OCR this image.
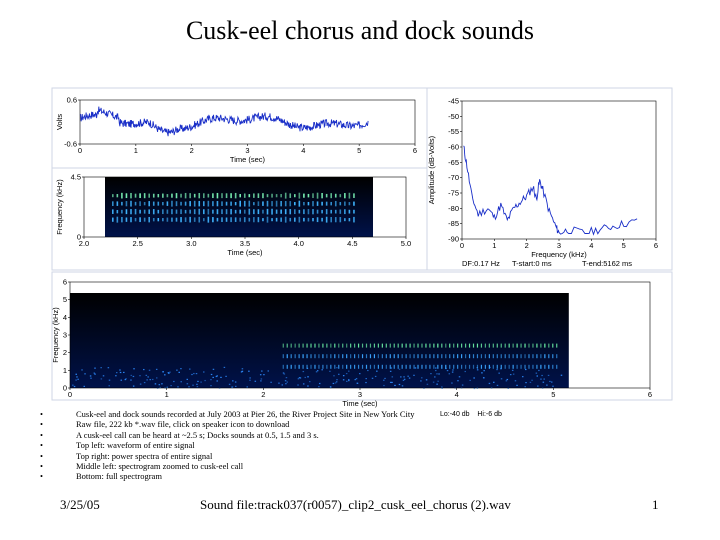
Cusk-eel chorus and dock sounds
0	1	2	3	4	5	6
-0.6
0.6
Time (sec)
Volts
2.0	2.5	3.0	3.5	4.0	4.5	5.0
0
4.5
Time (sec)
Frequency (kHz)
0	1	2	3	4	5	6
-45
-50
-55
-60
-65
-70
-75
-80
-85
-90
Frequency (kHz)
Amplitude (dB-Volts)
DF:0.17 Hz T-start:0 ms	T-end:5162 ms
0	1	2	3	4	5	6
0
1
2
3
4
5
6
Time (sec)
Frequency (kHz)
•	Cusk-eel and dock sounds recorded at July 2003 at Pier 26, the River Project Site in New York City
•	Raw file, 222 kb *.wav file, click on speaker icon to download
•	A cusk-eel call can be heard at ~2.5 s; Docks sounds at 0.5, 1.5 and 3 s.
•	Top left: waveform of entire signal
•	Top right: power spectra of entire signal
•	Middle left: spectrogram zoomed to cusk-eel call
•	Bottom: full spectrogram
Lo:-40 db Hi:-6 db
3/25/05	Sound file:track037(r0057)_clip2_cusk_eel_chorus (2).wav	1
